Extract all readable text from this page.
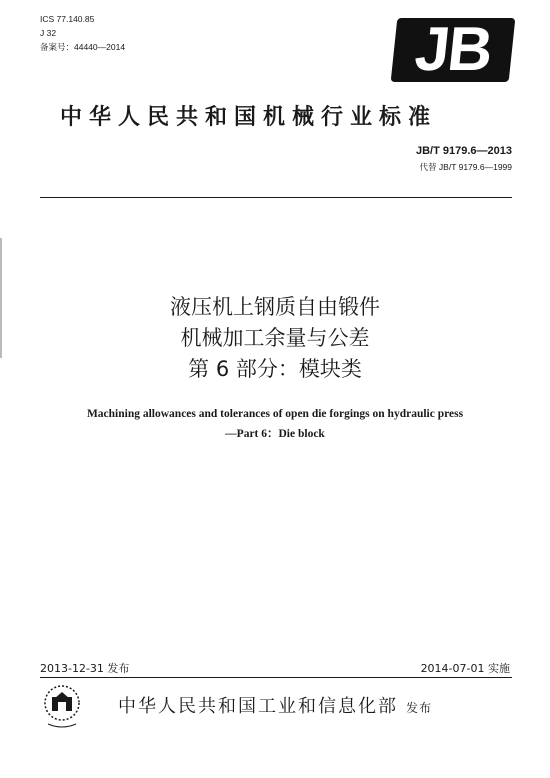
ICS 77.140.85
J 32
备案号：44440—2014	JB
中华人民共和国机械行业标准
JB/T 9179.6—2013
代替 JB/T 9179.6—1999
液压机上钢质自由锻件
机械加工余量与公差
第 6 部分：模块类
Machining allowances and tolerances of open die forgings on hydraulic press
—Part 6：Die block
2013-12-31 发布	2014-07-01 实施
中华人民共和国工业和信息化部 发布
